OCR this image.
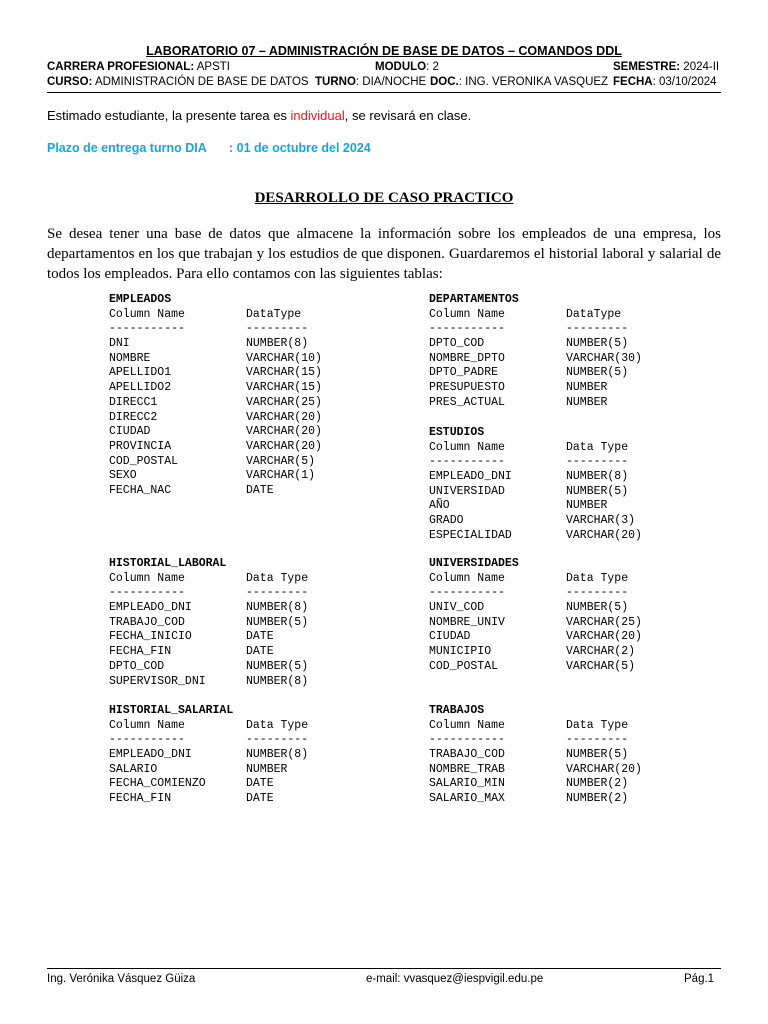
LABORATORIO 07 – ADMINISTRACIÓN DE BASE DE DATOS – COMANDOS DDL
CARRERA PROFESIONAL: APSTI	MODULO: 2	SEMESTRE: 2024-II
CURSO: ADMINISTRACIÓN DE BASE DE DATOS TURNO: DIA/NOCHE DOC.: ING. VERONIKA VASQUEZ FECHA: 03/10/2024
Estimado estudiante, la presente tarea es individual, se revisará en clase.
Plazo de entrega turno DIA : 01 de octubre del 2024
DESARROLLO DE CASO PRACTICO
Se desea tener una base de datos que almacene la información sobre los empleados de una empresa, los departamentos en los que trabajan y los estudios de que disponen. Guardaremos el historial laboral y salarial de todos los empleados. Para ello contamos con las siguientes tablas:
EMPLEADOS
Column Name	DataType
-----------	---------
DNI	NUMBER(8)
NOMBRE	VARCHAR(10)
APELLIDO1	VARCHAR(15)
APELLIDO2	VARCHAR(15)
DIRECC1	VARCHAR(25)
DIRECC2	VARCHAR(20)
CIUDAD	VARCHAR(20)
PROVINCIA	VARCHAR(20)
COD_POSTAL	VARCHAR(5)
SEXO	VARCHAR(1)
FECHA_NAC	DATE
DEPARTAMENTOS
Column Name	DataType
-----------	---------
DPTO_COD	NUMBER(5)
NOMBRE_DPTO	VARCHAR(30)
DPTO_PADRE	NUMBER(5)
PRESUPUESTO	NUMBER
PRES_ACTUAL	NUMBER
ESTUDIOS
Column Name	Data Type
-----------	---------
EMPLEADO_DNI	NUMBER(8)
UNIVERSIDAD	NUMBER(5)
AÑO	NUMBER
GRADO	VARCHAR(3)
ESPECIALIDAD	VARCHAR(20)
HISTORIAL_LABORAL
Column Name	Data Type
-----------	---------
EMPLEADO_DNI	NUMBER(8)
TRABAJO_COD	NUMBER(5)
FECHA_INICIO	DATE
FECHA_FIN	DATE
DPTO_COD	NUMBER(5)
SUPERVISOR_DNI	NUMBER(8)
UNIVERSIDADES
Column Name	Data Type
-----------	---------
UNIV_COD	NUMBER(5)
NOMBRE_UNIV	VARCHAR(25)
CIUDAD	VARCHAR(20)
MUNICIPIO	VARCHAR(2)
COD_POSTAL	VARCHAR(5)
HISTORIAL_SALARIAL
Column Name	Data Type
-----------	---------
EMPLEADO_DNI	NUMBER(8)
SALARIO	NUMBER
FECHA_COMIENZO	DATE
FECHA_FIN	DATE
TRABAJOS
Column Name	Data Type
-----------	---------
TRABAJO_COD	NUMBER(5)
NOMBRE_TRAB	VARCHAR(20)
SALARIO_MIN	NUMBER(2)
SALARIO_MAX	NUMBER(2)
Ing. Verónika Vásquez Güiza	e-mail: vvasquez@iespvigil.edu.pe	Pág.1
